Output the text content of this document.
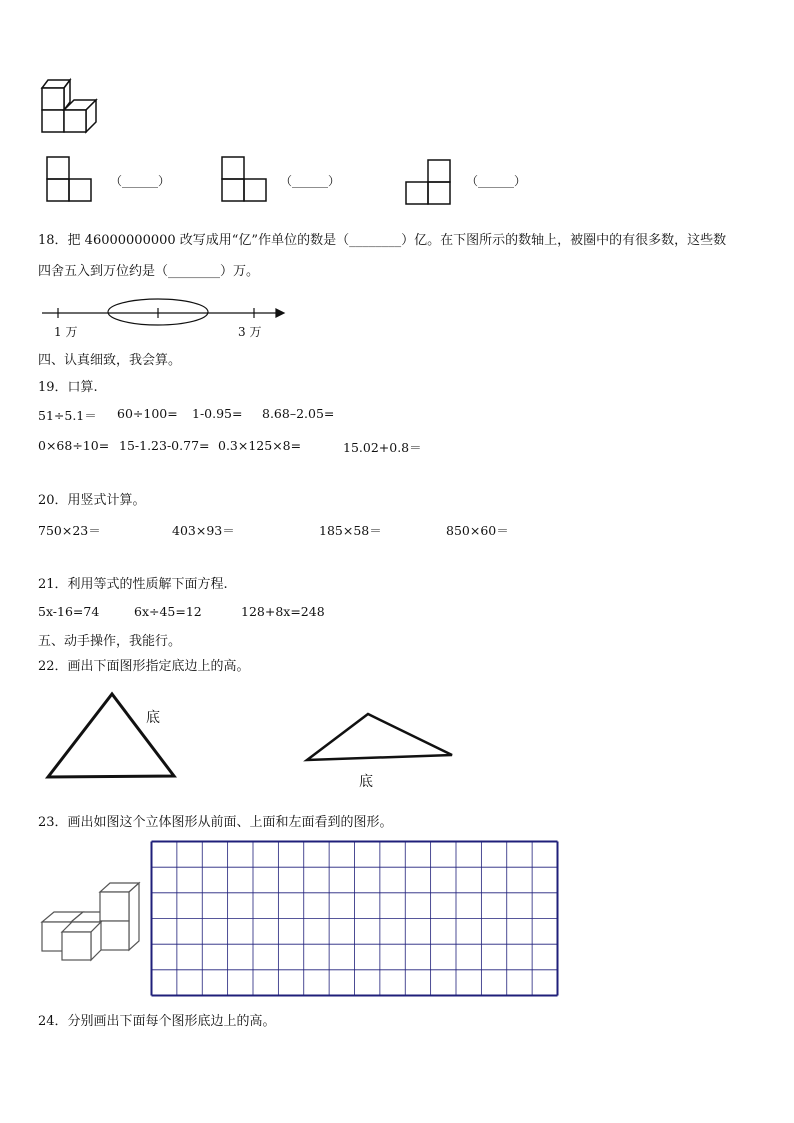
（______）	（______）	（______）
18．把 46000000000 改写成用“亿”作单位的数是（________）亿。在下图所示的数轴上，被圈中的有很多数，这些数
四舍五入到万位约是（________）万。
1 万	3 万
四、认真细致，我会算。
19．口算.
51÷5.1＝ 60÷100= 1-0.95= 8.68–2.05=
0×68÷10= 15-1.23-0.77= 0.3×125×8=	15.02+0.8＝
20．用竖式计算。
750×23＝	403×93＝	185×58＝	850×60＝
21．利用等式的性质解下面方程.
5x-16=74	6x÷45=12	128+8x=248
五、动手操作，我能行。
22．画出下面图形指定底边上的高。
底
底
23．画出如图这个立体图形从前面、上面和左面看到的图形。
24．分别画出下面每个图形底边上的高。
